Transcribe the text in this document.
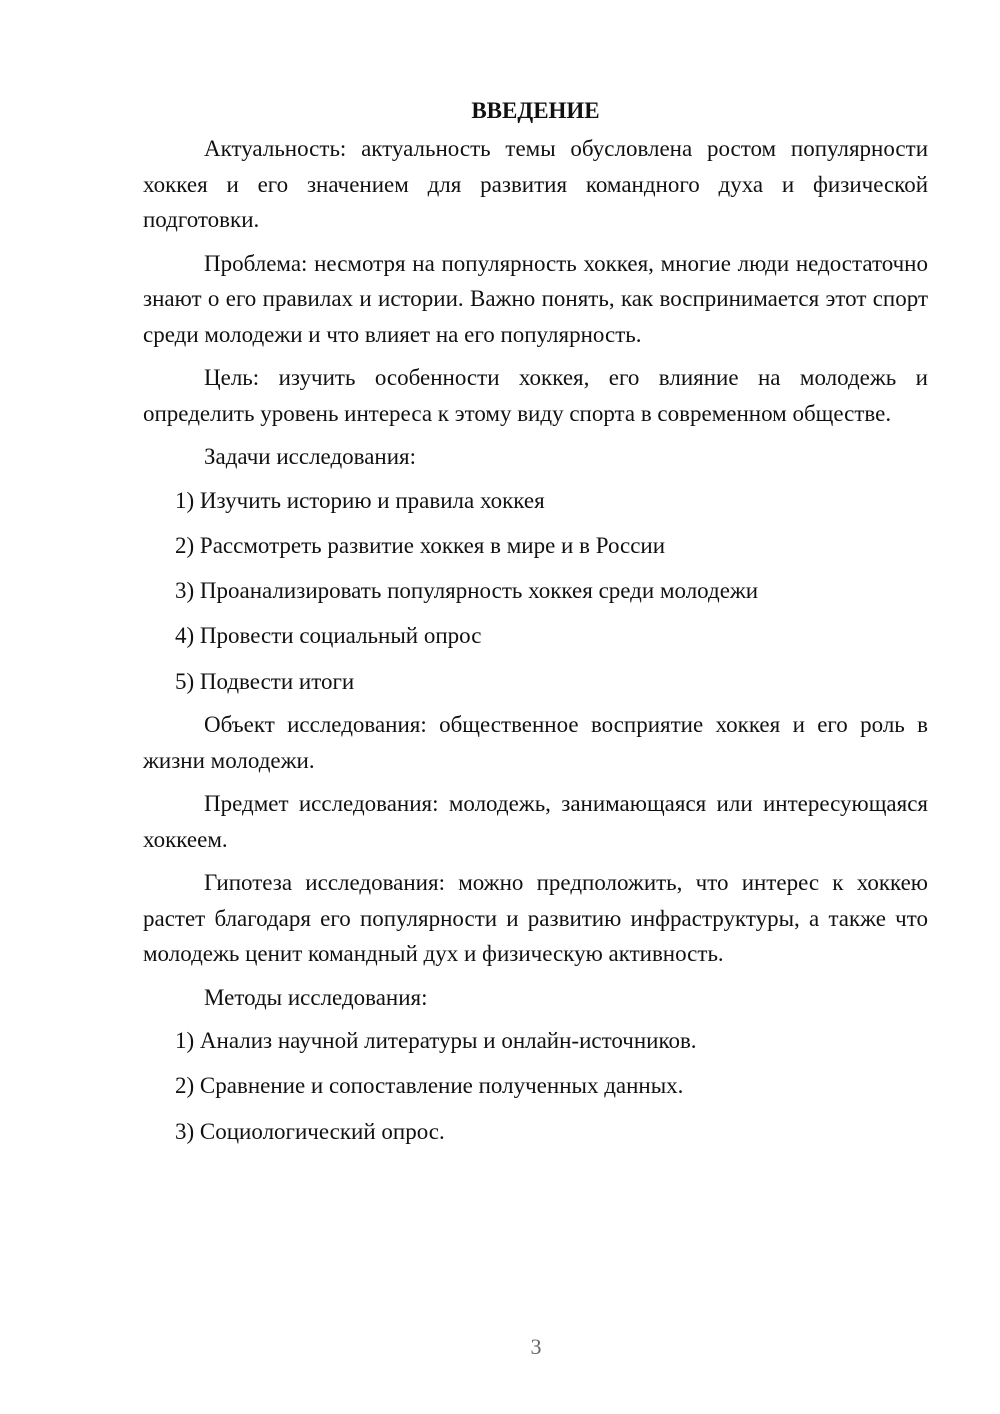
ВВЕДЕНИЕ

Актуальность: актуальность темы обусловлена ростом популярности хоккея и его значением для развития командного духа и физической подготовки.

Проблема: несмотря на популярность хоккея, многие люди недостаточно знают о его правилах и истории. Важно понять, как воспринимается этот спорт среди молодежи и что влияет на его популярность.

Цель: изучить особенности хоккея, его влияние на молодежь и определить уровень интереса к этому виду спорта в современном обществе.

Задачи исследования:

1) Изучить историю и правила хоккея
2) Рассмотреть развитие хоккея в мире и в России
3) Проанализировать популярность хоккея среди молодежи
4) Провести социальный опрос
5) Подвести итоги

Объект исследования: общественное восприятие хоккея и его роль в жизни молодежи.

Предмет исследования: молодежь, занимающаяся или интересующаяся хоккеем.

Гипотеза исследования: можно предположить, что интерес к хоккею растет благодаря его популярности и развитию инфраструктуры, а также что молодежь ценит командный дух и физическую активность.

Методы исследования:

1) Анализ научной литературы и онлайн-источников.
2) Сравнение и сопоставление полученных данных.
3) Социологический опрос.
3
